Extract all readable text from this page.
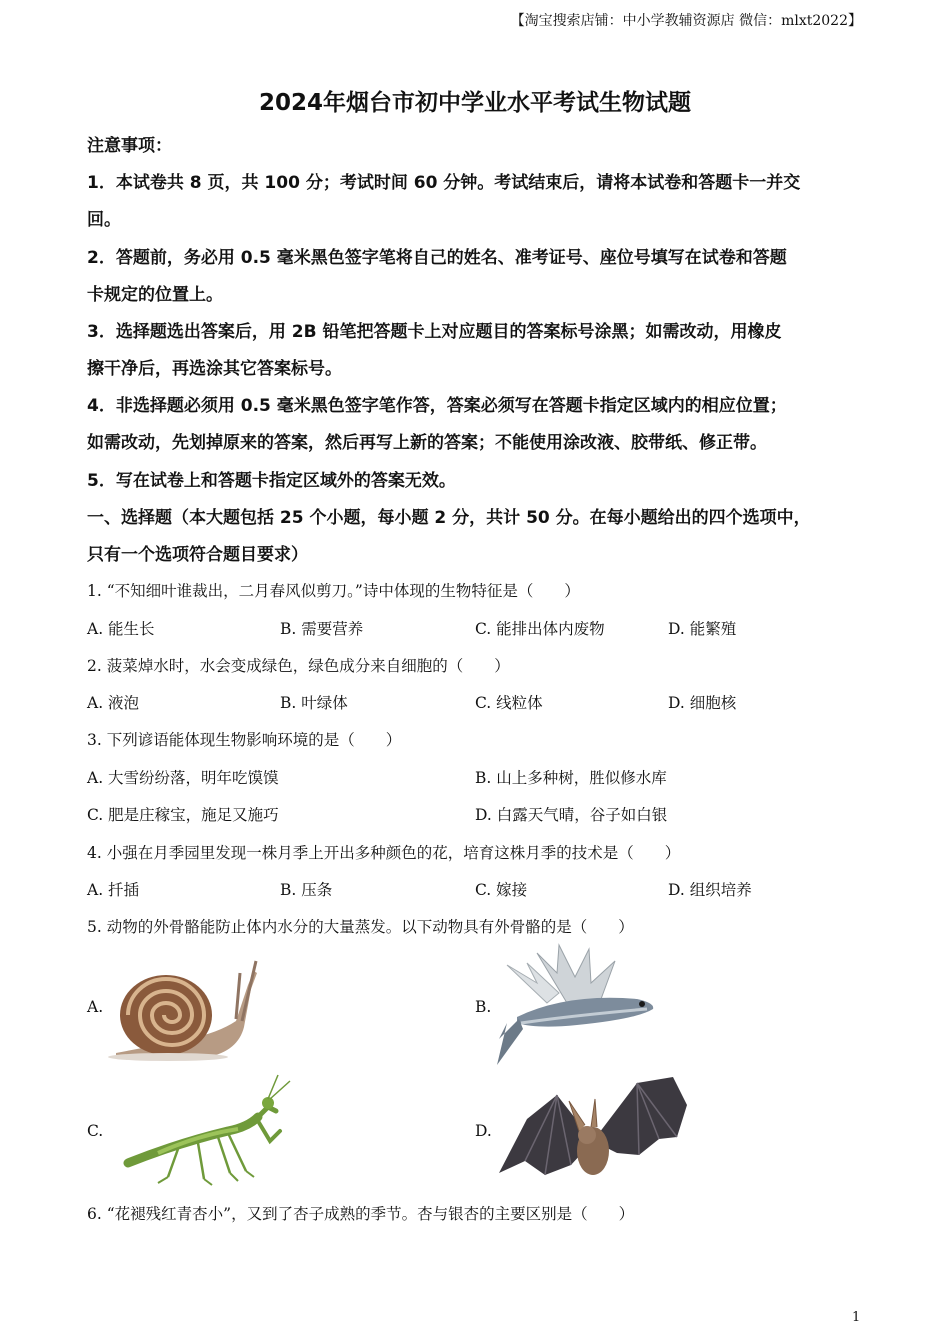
【淘宝搜索店铺：中小学教辅资源店 微信：mlxt2022】
2024年烟台市初中学业水平考试生物试题
注意事项：
1．本试卷共 8 页，共 100 分；考试时间 60 分钟。考试结束后，请将本试卷和答题卡一并交
回。
2．答题前，务必用 0.5 毫米黑色签字笔将自己的姓名、准考证号、座位号填写在试卷和答题
卡规定的位置上。
3．选择题选出答案后，用 2B 铅笔把答题卡上对应题目的答案标号涂黑；如需改动，用橡皮
擦干净后，再选涂其它答案标号。
4．非选择题必须用 0.5 毫米黑色签字笔作答，答案必须写在答题卡指定区域内的相应位置；
如需改动，先划掉原来的答案，然后再写上新的答案；不能使用涂改液、胶带纸、修正带。
5．写在试卷上和答题卡指定区域外的答案无效。
一、选择题（本大题包括 25 个小题，每小题 2 分，共计 50 分。在每小题给出的四个选项中，
只有一个选项符合题目要求）
1. “不知细叶谁裁出，二月春风似剪刀。”诗中体现的生物特征是（　　）
A. 能生长	B. 需要营养	C. 能排出体内废物	D. 能繁殖
2. 菠菜焯水时，水会变成绿色，绿色成分来自细胞的（　　）
A. 液泡	B. 叶绿体	C. 线粒体	D. 细胞核
3. 下列谚语能体现生物影响环境的是（　　）
A. 大雪纷纷落，明年吃馍馍	B. 山上多种树，胜似修水库
C. 肥是庄稼宝，施足又施巧	D. 白露天气晴，谷子如白银
4. 小强在月季园里发现一株月季上开出多种颜色的花，培育这株月季的技术是（　　）
A. 扦插	B. 压条	C. 嫁接	D. 组织培养
5. 动物的外骨骼能防止体内水分的大量蒸发。以下动物具有外骨骼的是（　　）
A.	B.
C.	D.
6. “花褪残红青杏小”，又到了杏子成熟的季节。杏与银杏的主要区别是（　　）
1
